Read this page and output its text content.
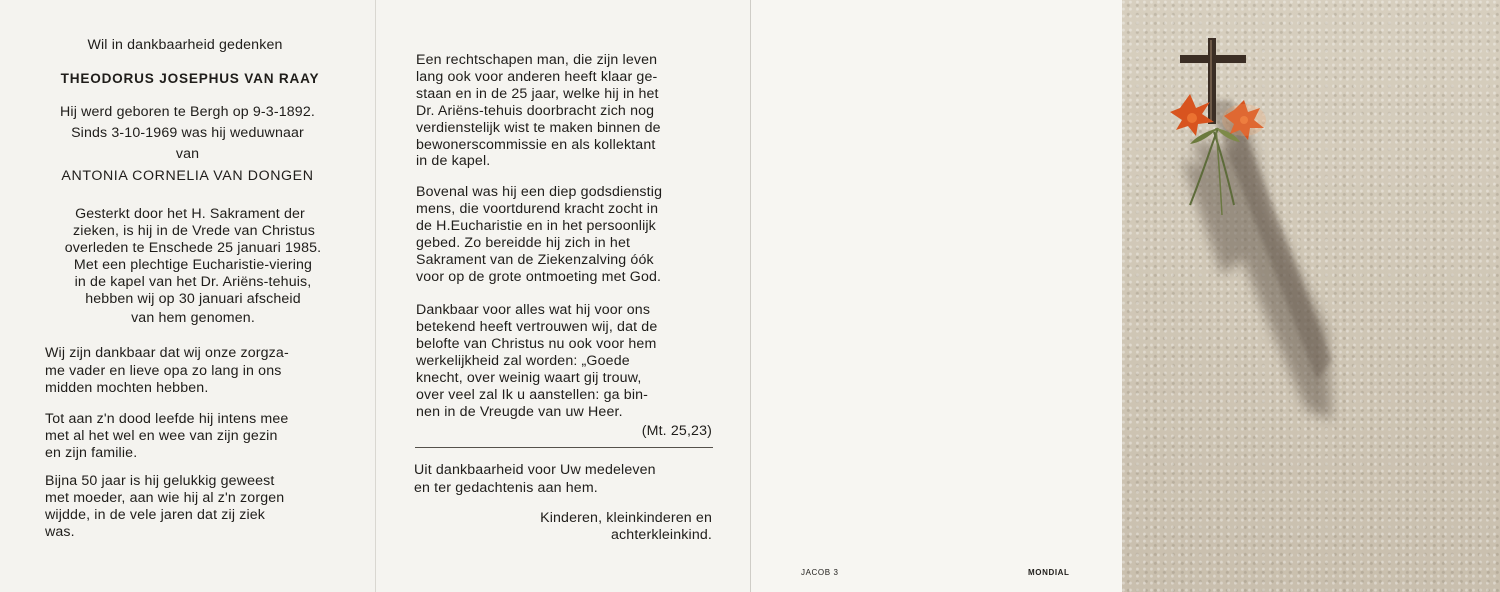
Wil in dankbaarheid gedenken
THEODORUS JOSEPHUS VAN RAAY
Hij werd geboren te Bergh op 9-3-1892.
Sinds 3-10-1969 was hij weduwnaar
van
ANTONIA CORNELIA VAN DONGEN
Gesterkt door het H. Sakrament der
zieken, is hij in de Vrede van Christus
overleden te Enschede 25 januari 1985.
Met een plechtige Eucharistie-viering
in de kapel van het Dr. Ariëns-tehuis,
hebben wij op 30 januari afscheid
van hem genomen.
Wij zijn dankbaar dat wij onze zorgza-
me vader en lieve opa zo lang in ons
midden mochten hebben.
Tot aan z'n dood leefde hij intens mee
met al het wel en wee van zijn gezin
en zijn familie.
Bijna 50 jaar is hij gelukkig geweest
met moeder, aan wie hij al z'n zorgen
wijdde, in de vele jaren dat zij ziek
was.
Een rechtschapen man, die zijn leven
lang ook voor anderen heeft klaar ge-
staan en in de 25 jaar, welke hij in het
Dr. Ariëns-tehuis doorbracht zich nog
verdienstelijk wist te maken binnen de
bewonerscommissie en als kollektant
in de kapel.
Bovenal was hij een diep godsdienstig
mens, die voortdurend kracht zocht in
de H.Eucharistie en in het persoonlijk
gebed. Zo bereidde hij zich in het
Sakrament van de Ziekenzalving óók
voor op de grote ontmoeting met God.
Dankbaar voor alles wat hij voor ons
betekend heeft vertrouwen wij, dat de
belofte van Christus nu ook voor hem
werkelijkheid zal worden: „Goede
knecht, over weinig waart gij trouw,
over veel zal Ik u aanstellen: ga bin-
nen in de Vreugde van uw Heer.
(Mt. 25,23)
Uit dankbaarheid voor Uw medeleven
en ter gedachtenis aan hem.
Kinderen, kleinkinderen en
achterkleinkind.
JACOB 3	MONDIAL
